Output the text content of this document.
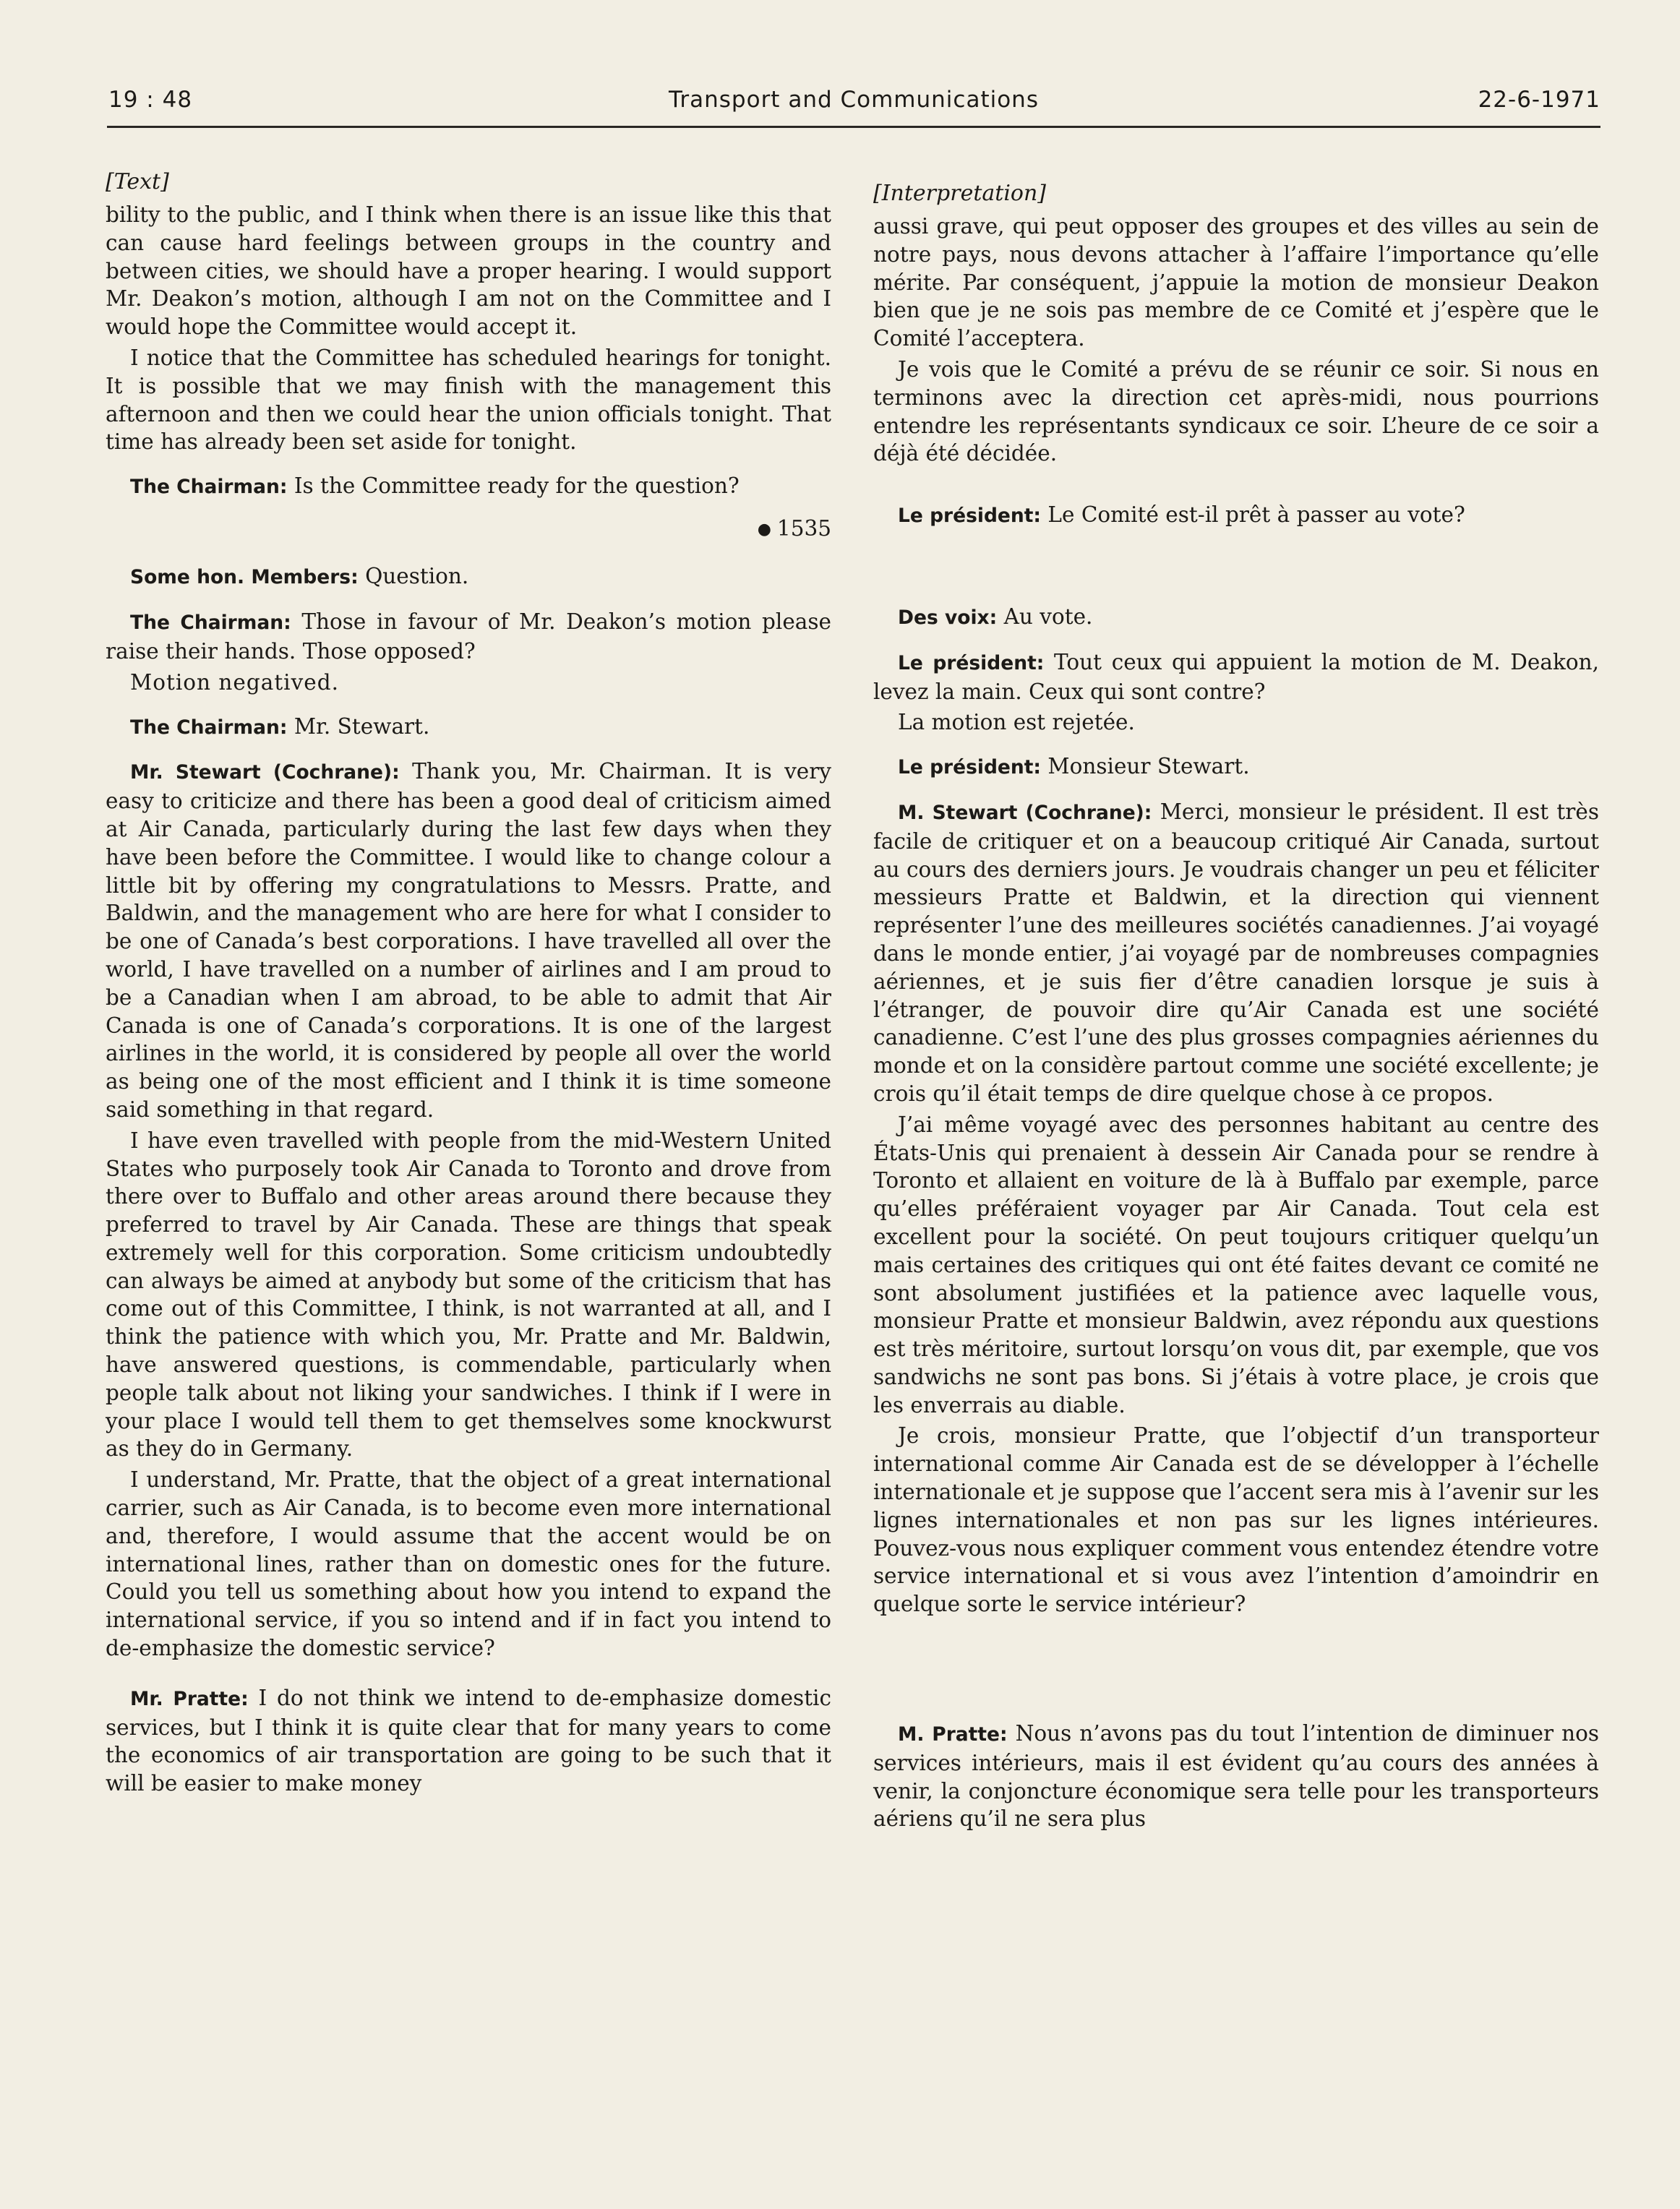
19 : 48	Transport and Communications	22-6-1971
[Text]

bility to the public, and I think when there is an issue like this that can cause hard feelings between groups in the country and between cities, we should have a proper hearing. I would support Mr. Deakon’s motion, although I am not on the Committee and I would hope the Committee would accept it.

I notice that the Committee has scheduled hearings for tonight. It is possible that we may finish with the management this afternoon and then we could hear the union officials tonight. That time has already been set aside for tonight.

The Chairman: Is the Committee ready for the question?

● 1535

Some hon. Members: Question.

The Chairman: Those in favour of Mr. Deakon’s motion please raise their hands. Those opposed?

Motion negatived.

The Chairman: Mr. Stewart.

Mr. Stewart (Cochrane): Thank you, Mr. Chairman. It is very easy to criticize and there has been a good deal of criticism aimed at Air Canada, particularly during the last few days when they have been before the Committee. I would like to change colour a little bit by offering my congratulations to Messrs. Pratte, and Baldwin, and the management who are here for what I consider to be one of Canada’s best corporations. I have travelled all over the world, I have travelled on a number of airlines and I am proud to be a Canadian when I am abroad, to be able to admit that Air Canada is one of Canada’s corporations. It is one of the largest airlines in the world, it is considered by people all over the world as being one of the most efficient and I think it is time someone said something in that regard.

I have even travelled with people from the mid-Western United States who purposely took Air Canada to Toronto and drove from there over to Buffalo and other areas around there because they preferred to travel by Air Canada. These are things that speak extremely well for this corporation. Some criticism undoubtedly can always be aimed at anybody but some of the criticism that has come out of this Committee, I think, is not warranted at all, and I think the patience with which you, Mr. Pratte and Mr. Baldwin, have answered questions, is commendable, particularly when people talk about not liking your sandwiches. I think if I were in your place I would tell them to get themselves some knockwurst as they do in Germany.

I understand, Mr. Pratte, that the object of a great international carrier, such as Air Canada, is to become even more international and, therefore, I would assume that the accent would be on international lines, rather than on domestic ones for the future. Could you tell us something about how you intend to expand the international service, if you so intend and if in fact you intend to de-emphasize the domestic service?

Mr. Pratte: I do not think we intend to de-emphasize domestic services, but I think it is quite clear that for many years to come the economics of air transportation are going to be such that it will be easier to make money

[Interpretation]

aussi grave, qui peut opposer des groupes et des villes au sein de notre pays, nous devons attacher à l’affaire l’importance qu’elle mérite. Par conséquent, j’appuie la motion de monsieur Deakon bien que je ne sois pas membre de ce Comité et j’espère que le Comité l’acceptera.

Je vois que le Comité a prévu de se réunir ce soir. Si nous en terminons avec la direction cet après-midi, nous pourrions entendre les représentants syndicaux ce soir. L’heure de ce soir a déjà été décidée.

Le président: Le Comité est-il prêt à passer au vote?

Des voix: Au vote.

Le président: Tout ceux qui appuient la motion de M. Deakon, levez la main. Ceux qui sont contre?

La motion est rejetée.

Le président: Monsieur Stewart.

M. Stewart (Cochrane): Merci, monsieur le président. Il est très facile de critiquer et on a beaucoup critiqué Air Canada, surtout au cours des derniers jours. Je voudrais changer un peu et féliciter messieurs Pratte et Baldwin, et la direction qui viennent représenter l’une des meilleures sociétés canadiennes. J’ai voyagé dans le monde entier, j’ai voyagé par de nombreuses compagnies aériennes, et je suis fier d’être canadien lorsque je suis à l’étranger, de pouvoir dire qu’Air Canada est une société canadienne. C’est l’une des plus grosses compagnies aériennes du monde et on la considère partout comme une société excellente; je crois qu’il était temps de dire quelque chose à ce propos.

J’ai même voyagé avec des personnes habitant au centre des États-Unis qui prenaient à dessein Air Canada pour se rendre à Toronto et allaient en voiture de là à Buffalo par exemple, parce qu’elles préféraient voyager par Air Canada. Tout cela est excellent pour la société. On peut toujours critiquer quelqu’un mais certaines des critiques qui ont été faites devant ce comité ne sont absolument justifiées et la patience avec laquelle vous, monsieur Pratte et monsieur Baldwin, avez répondu aux questions est très méritoire, surtout lorsqu’on vous dit, par exemple, que vos sandwichs ne sont pas bons. Si j’étais à votre place, je crois que les enverrais au diable.

Je crois, monsieur Pratte, que l’objectif d’un transporteur international comme Air Canada est de se développer à l’échelle internationale et je suppose que l’accent sera mis à l’avenir sur les lignes internationales et non pas sur les lignes intérieures. Pouvez-vous nous expliquer comment vous entendez étendre votre service international et si vous avez l’intention d’amoindrir en quelque sorte le service intérieur?

M. Pratte: Nous n’avons pas du tout l’intention de diminuer nos services intérieurs, mais il est évident qu’au cours des années à venir, la conjoncture économique sera telle pour les transporteurs aériens qu’il ne sera plus
